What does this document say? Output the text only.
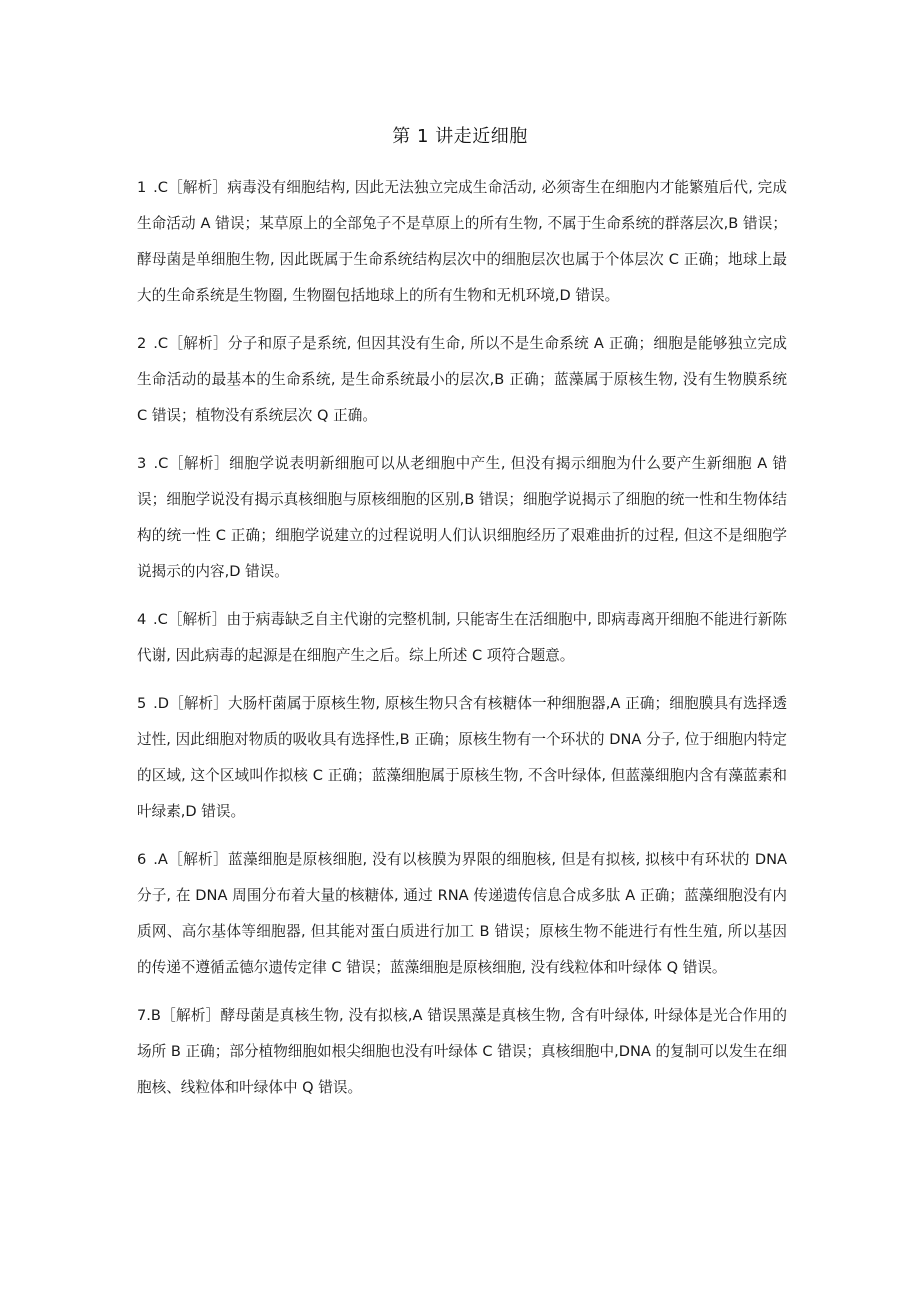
第 1 讲走近细胞

1 .C［解析］病毒没有细胞结构, 因此无法独立完成生命活动, 必须寄生在细胞内才能繁殖后代, 完成生命活动 A 错误；某草原上的全部兔子不是草原上的所有生物, 不属于生命系统的群落层次,B 错误；酵母菌是单细胞生物, 因此既属于生命系统结构层次中的细胞层次也属于个体层次 C 正确；地球上最大的生命系统是生物圈, 生物圈包括地球上的所有生物和无机环境,D 错误。

2 .C［解析］分子和原子是系统, 但因其没有生命, 所以不是生命系统 A 正确；细胞是能够独立完成生命活动的最基本的生命系统, 是生命系统最小的层次,B 正确；蓝藻属于原核生物, 没有生物膜系统 C 错误；植物没有系统层次 Q 正确。

3 .C［解析］细胞学说表明新细胞可以从老细胞中产生, 但没有揭示细胞为什么要产生新细胞 A 错误；细胞学说没有揭示真核细胞与原核细胞的区别,B 错误；细胞学说揭示了细胞的统一性和生物体结构的统一性 C 正确；细胞学说建立的过程说明人们认识细胞经历了艰难曲折的过程, 但这不是细胞学说揭示的内容,D 错误。

4 .C［解析］由于病毒缺乏自主代谢的完整机制, 只能寄生在活细胞中, 即病毒离开细胞不能进行新陈代谢, 因此病毒的起源是在细胞产生之后。综上所述 C 项符合题意。

5 .D［解析］大肠杆菌属于原核生物, 原核生物只含有核糖体一种细胞器,A 正确；细胞膜具有选择透过性, 因此细胞对物质的吸收具有选择性,B 正确；原核生物有一个环状的 DNA 分子, 位于细胞内特定的区域, 这个区域叫作拟核 C 正确；蓝藻细胞属于原核生物, 不含叶绿体, 但蓝藻细胞内含有藻蓝素和叶绿素,D 错误。

6 .A［解析］蓝藻细胞是原核细胞, 没有以核膜为界限的细胞核, 但是有拟核, 拟核中有环状的 DNA 分子, 在 DNA 周围分布着大量的核糖体, 通过 RNA 传递遗传信息合成多肽 A 正确；蓝藻细胞没有内质网、高尔基体等细胞器, 但其能对蛋白质进行加工 B 错误；原核生物不能进行有性生殖, 所以基因的传递不遵循孟德尔遗传定律 C 错误；蓝藻细胞是原核细胞, 没有线粒体和叶绿体 Q 错误。

7.B［解析］酵母菌是真核生物, 没有拟核,A 错误黑藻是真核生物, 含有叶绿体, 叶绿体是光合作用的场所 B 正确；部分植物细胞如根尖细胞也没有叶绿体 C 错误；真核细胞中,DNA 的复制可以发生在细胞核、线粒体和叶绿体中 Q 错误。
